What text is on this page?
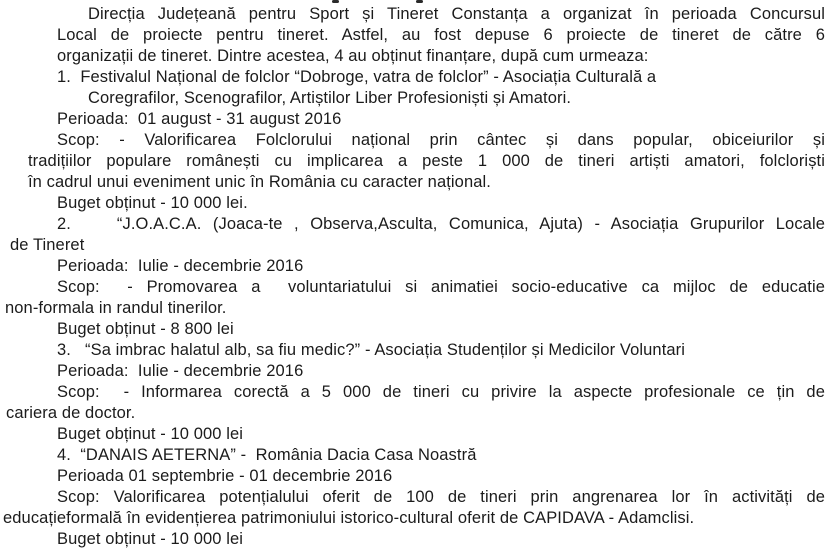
Direcția Județeană pentru Sport și Tineret Constanța a organizat în perioada Concursul
Local de proiecte pentru tineret. Astfel, au fost depuse 6 proiecte de tineret de către 6
organizații de tineret. Dintre acestea, 4 au obținut finanțare, după cum urmeaza:
1.  Festivalul Național de folclor “Dobroge, vatra de folclor” - Asociația Culturală a
Coregrafilor, Scenografilor, Artiștilor Liber Profesioniști și Amatori.
Perioada:  01 august - 31 august 2016
Scop: - Valorificarea Folclorului național prin cântec și dans popular, obiceiurilor și
tradițiilor populare românești cu implicarea a peste 1 000 de tineri artiști amatori, folcloriști
în cadrul unui eveniment unic în România cu caracter național.
Buget obținut - 10 000 lei.
2.    “J.O.A.C.A. (Joaca-te , Observa,Asculta, Comunica, Ajuta) - Asociația Grupurilor Locale
de Tineret
Perioada:  Iulie - decembrie 2016
Scop:  - Promovarea a  voluntariatului si animatiei socio-educative ca mijloc de educatie
non-formala in randul tinerilor.
Buget obținut - 8 800 lei
3.   “Sa imbrac halatul alb, sa fiu medic?” - Asociația Studenților și Medicilor Voluntari
Perioada:  Iulie - decembrie 2016
Scop:  - Informarea corectă a 5 000 de tineri cu privire la aspecte profesionale ce țin de
cariera de doctor.
Buget obținut - 10 000 lei
4.  “DANAIS AETERNA” -  România Dacia Casa Noastră
Perioada 01 septembrie - 01 decembrie 2016
Scop: Valorificarea potențialului oferit de 100 de tineri prin angrenarea lor în activități de
educațieformală în evidențierea patrimoniului istorico-cultural oferit de CAPIDAVA - Adamclisi.
Buget obținut - 10 000 lei
